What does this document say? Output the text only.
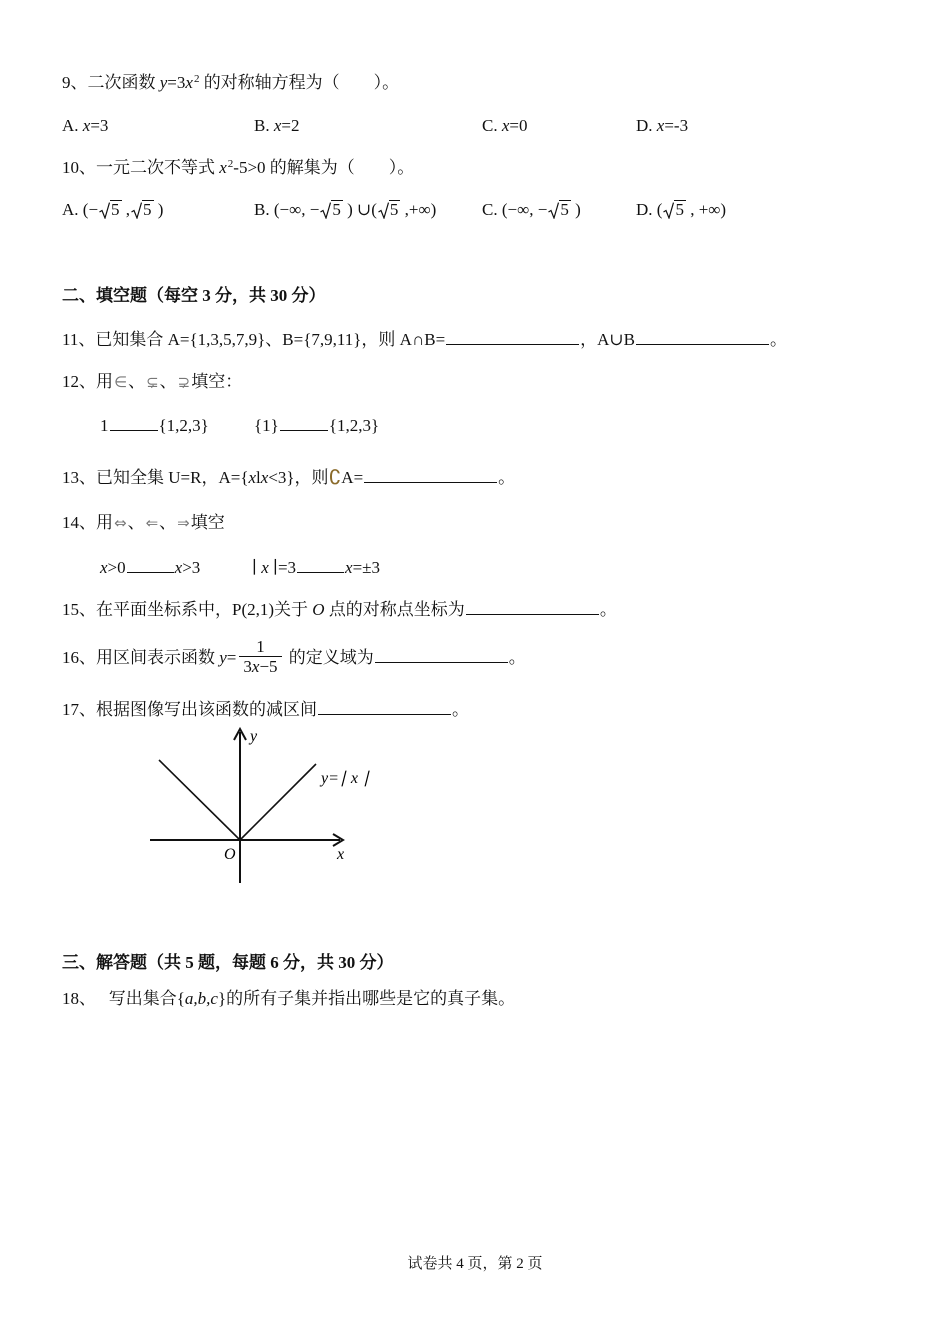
9、二次函数 $y=3x^2$ 的对称轴方程为（　　）。
A. x=3	B. x=2	C. x=0	D. x=-3
10、一元二次不等式 $x^2-5>0$ 的解集为（　　）。
A. (− 5 , 5 )	B. (−∞, − 5 ) ∪( 5 ,+∞)	C. (−∞, − 5 )	D. ( 5 , +∞)
二、填空题（每空 3 分，共 30 分）
11、已知集合 A={1,3,5,7,9}、B={7,9,11}，则 A∩B=	，A∪B	。
12、用∈、⊊、⊋填空：
1	{1,2,3}	{1}	{1,2,3}
13、已知全集 U=R，A={xlx<3}，则∁A=	。
14、用⇔、⇐、⇒填空
x>0	x>3	∣ x ∣=3	x=±3
15、在平面坐标系中，P(2,1)关于 O 点的对称点坐标为	。
16、用区间表示函数 $y= \frac{1}{3x-5}$ 的定义域为	。
17、根据图像写出该函数的减区间	。
y
x
O
y=∣ x ∣
三、解答题（共 5 题，每题 6 分，共 30 分）
18、   写出集合{a,b,c}的所有子集并指出哪些是它的真子集。
试卷共 4 页，第 2 页
